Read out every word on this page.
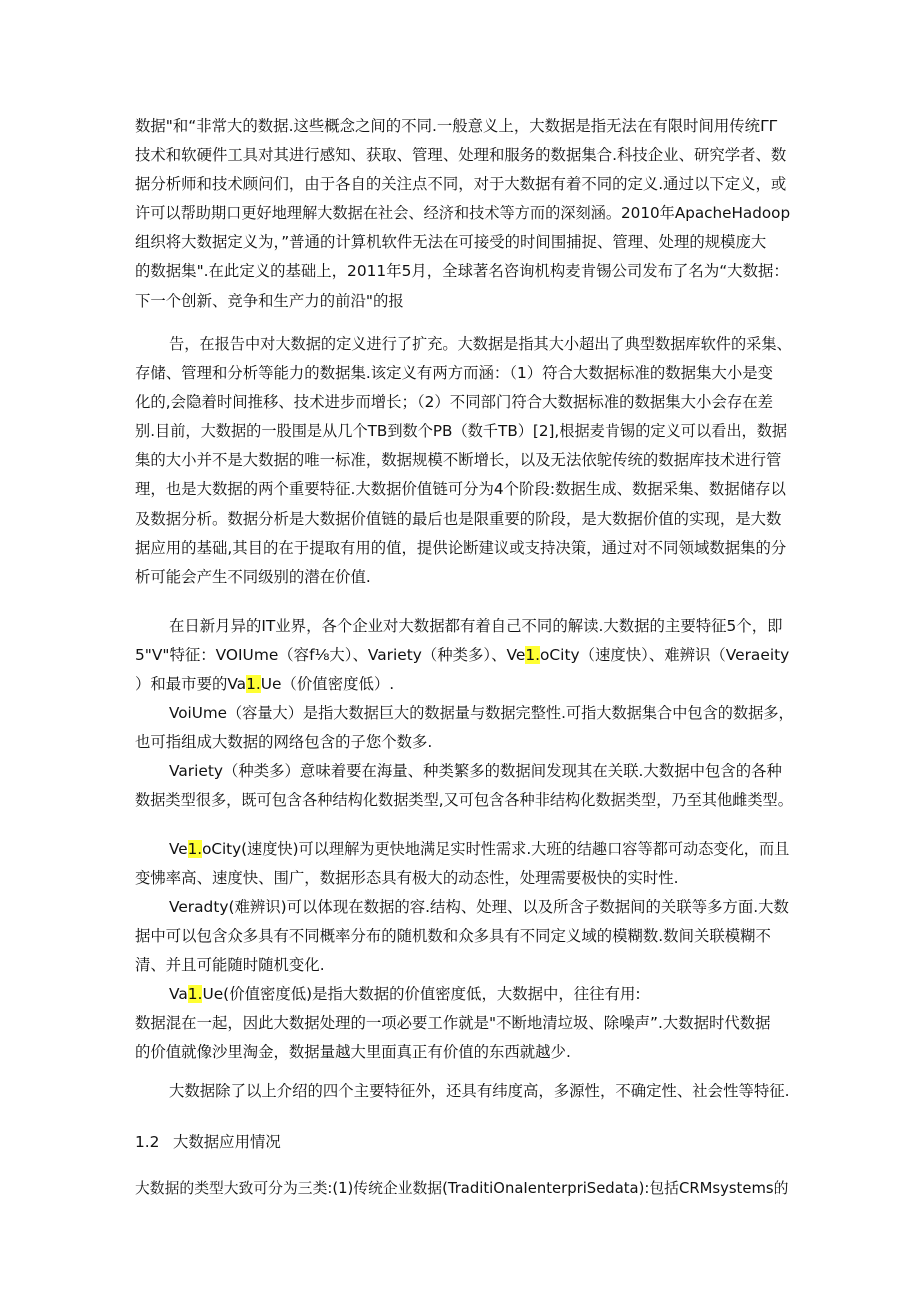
数据"和“非常大的数据.这些概念之间的不同.一般意义上，大数据是指无法在有限时间用传统ΓΓ
技术和软硬件工具对其进行感知、获取、管理、处理和服务的数据集合.科技企业、研究学者、数
据分析师和技术顾问们，由于各自的关注点不同，对于大数据有着不同的定义.通过以下定义，或
许可以帮助期口更好地理解大数据在社会、经济和技术等方而的深刻涵。2010年ApacheHadoop
组织将大数据定义为，”普通的计算机软件无法在可接受的时间围捕捉、管理、处理的规模庞大
的数据集".在此定义的基础上，2011年5月，全球著名咨询机构麦肯锡公司发布了名为“大数据：
下一个创新、竞争和生产力的前沿"的报
告，在报告中对大数据的定义进行了扩充。大数据是指其大小超出了典型数据库软件的采集、
存储、管理和分析等能力的数据集.该定义有两方而涵：（1）符合大数据标准的数据集大小是变
化的,会隐着时间推移、技术进步而增长；（2）不同部门符合大数据标准的数据集大小会存在差
别.目前，大数据的一股围是从几个TB到数个PB（数千TB）[2],根据麦肯锡的定义可以看出，数据
集的大小并不是大数据的唯一标准，数据规模不断增长，以及无法依鸵传统的数据库技术进行管
理，也是大数据的两个重要特征.大数据价值链可分为4个阶段:数据生成、数据采集、数据储存以
及数据分析。数据分析是大数据价值链的最后也是限重要的阶段，是大数据价值的实现，是大数
据应用的基础,其目的在于提取有用的值，提供论断建议或支持决策，通过对不同领域数据集的分
析可能会产生不同级别的潜在价值.
在日新月异的IT业界，各个企业对大数据都有着自己不同的解读.大数据的主要特征5个，即
5"V"特征：VOIUme（容f⅛大）、Variety（种类多）、Ve1.oCity（速度快）、难辨识（Veraeity
）和最市要的Va1.Ue（价值密度低）.
VoiUme（容量大）是指大数据巨大的数据量与数据完整性.可指大数据集合中包含的数据多，
也可指组成大数据的网络包含的子您个数多.
Variety（种类多）意味着要在海量、种类繁多的数据间发现其在关联.大数据中包含的各种
数据类型很多，既可包含各种结构化数据类型,又可包含各种非结构化数据类型，乃至其他雌类型。
Ve1.oCity(速度快)可以理解为更快地满足实时性需求.大班的结趣口容等都可动态变化，而且
变怫率高、速度快、围广，数据形态具有极大的动态性，处理需要极快的实时性.
Veradty(难辨识)可以体现在数据的容.结构、处理、以及所含子数据间的关联等多方面.大数
据中可以包含众多具有不同概率分布的随机数和众多具有不同定义域的模糊数.数间关联模糊不
清、并且可能随时随机变化.
Va1.Ue(价值密度低)是指大数据的价值密度低，大数据中，往往有用:
数据混在一起，因此大数据处理的一项必要工作就是"不断地清垃圾、除噪声”.大数据时代数据
的价值就像沙里淘金，数据量越大里面真正有价值的东西就越少.
大数据除了以上介绍的四个主要特征外，还具有纬度高，多源性，不确定性、社会性等特征.
1.2 大数据应用情况
大数据的类型大致可分为三类:(1)传统企业数据(TraditiOnaIenterpriSedata):包括CRMsystems的
